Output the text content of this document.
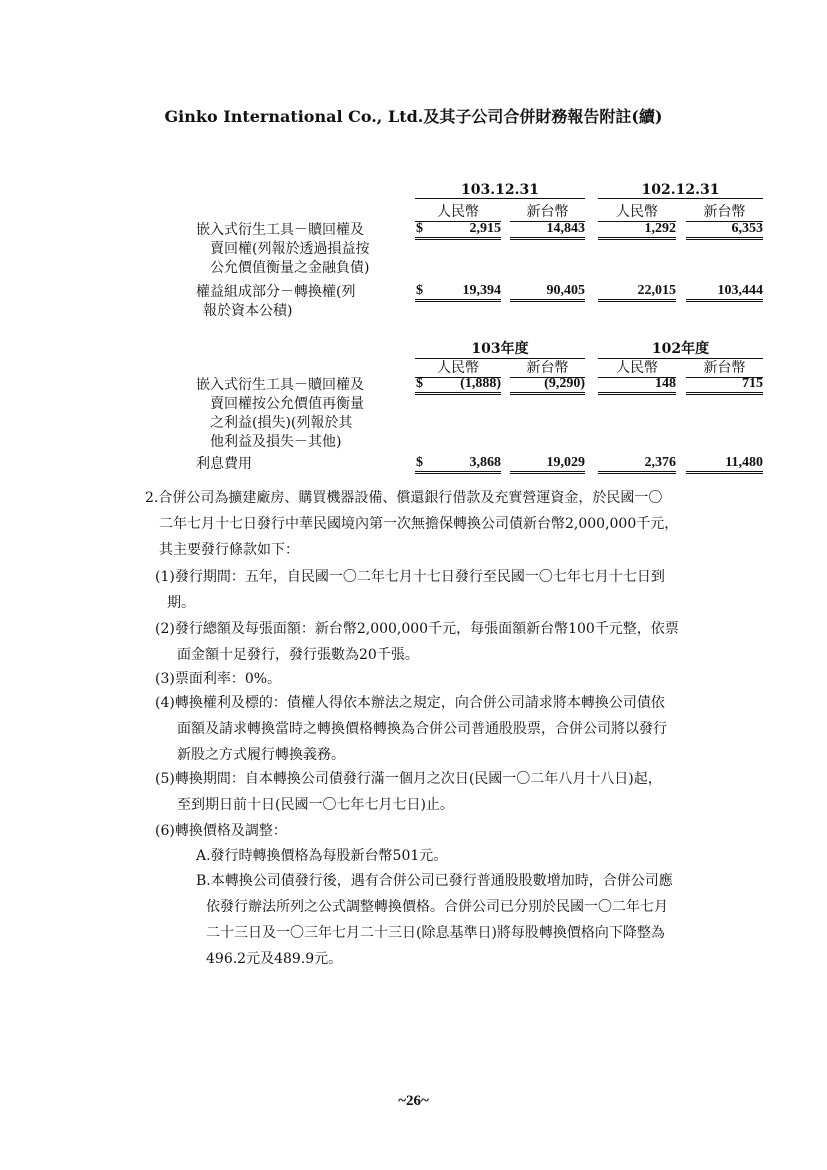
Ginko International Co., Ltd.及其子公司合併財務報告附註(續)
103.12.31	102.12.31
人民幣	新台幣	人民幣	新台幣
嵌入式衍生工具－贖回權及
賣回權(列報於透過損益按
公允價值衡量之金融負債)
$	2,915	14,843	1,292	6,353
權益組成部分－轉換權(列
報於資本公積)
$	19,394	90,405	22,015	103,444
103年度	102年度
人民幣	新台幣	人民幣	新台幣
嵌入式衍生工具－贖回權及
賣回權按公允價值再衡量
之利益(損失)(列報於其
他利益及損失－其他)
$	(1,888)	(9,290)	148	715
利息費用	$	3,868	19,029	2,376	11,480
2.合併公司為擴建廠房、購買機器設備、償還銀行借款及充實營運資金，於民國一〇
二年七月十七日發行中華民國境內第一次無擔保轉換公司債新台幣2,000,000千元，
其主要發行條款如下：
(1)發行期間：五年，自民國一〇二年七月十七日發行至民國一〇七年七月十七日到
期。
(2)發行總額及每張面額：新台幣2,000,000千元，每張面額新台幣100千元整，依票
面金額十足發行，發行張數為20千張。
(3)票面利率：0%。
(4)轉換權利及標的：債權人得依本辦法之規定，向合併公司請求將本轉換公司債依
面額及請求轉換當時之轉換價格轉換為合併公司普通股股票，合併公司將以發行
新股之方式履行轉換義務。
(5)轉換期間：自本轉換公司債發行滿一個月之次日(民國一〇二年八月十八日)起，
至到期日前十日(民國一〇七年七月七日)止。
(6)轉換價格及調整：
A.發行時轉換價格為每股新台幣501元。
B.本轉換公司債發行後，遇有合併公司已發行普通股股數增加時，合併公司應
依發行辦法所列之公式調整轉換價格。合併公司已分別於民國一〇二年七月
二十三日及一〇三年七月二十三日(除息基準日)將每股轉換價格向下降整為
496.2元及489.9元。
~26~
